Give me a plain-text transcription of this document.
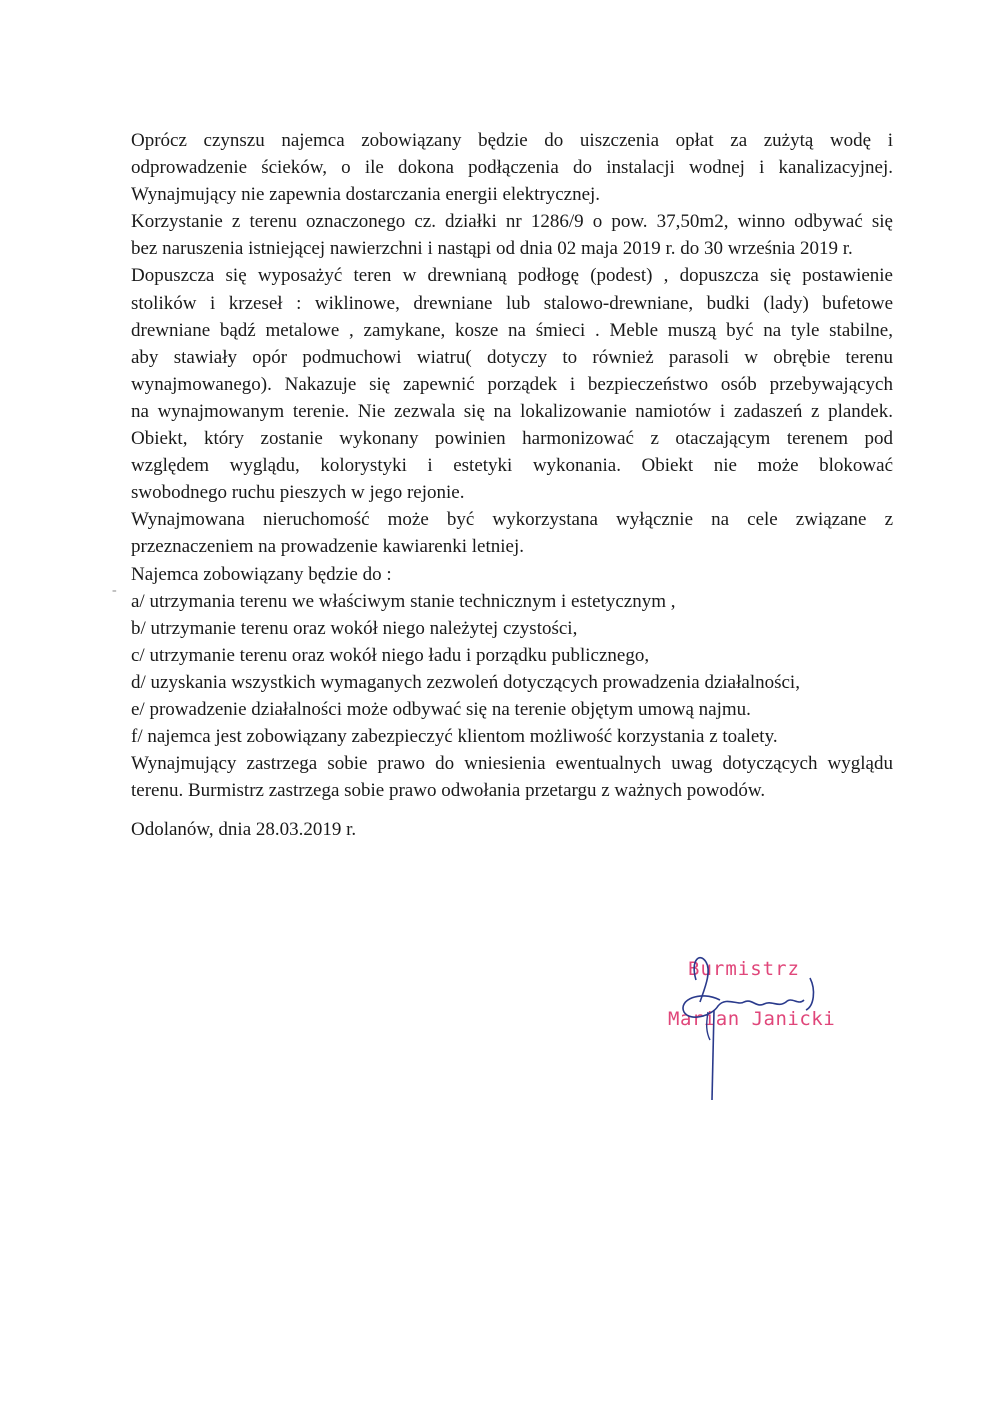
-
Oprócz czynszu najemca zobowiązany będzie do uiszczenia opłat za zużytą wodę i
odprowadzenie ścieków, o ile dokona podłączenia do instalacji wodnej i kanalizacyjnej.
Wynajmujący nie zapewnia dostarczania energii elektrycznej.
Korzystanie z terenu oznaczonego cz. działki nr 1286/9 o pow. 37,50m2, winno odbywać się
bez naruszenia istniejącej nawierzchni i nastąpi od dnia 02 maja 2019 r. do 30 września 2019 r.
Dopuszcza się wyposażyć teren w drewnianą podłogę (podest) , dopuszcza się postawienie
stolików i krzeseł : wiklinowe, drewniane lub stalowo-drewniane, budki (lady) bufetowe
drewniane bądź metalowe , zamykane, kosze na śmieci . Meble muszą być na tyle stabilne,
aby stawiały opór podmuchowi wiatru( dotyczy to również parasoli w obrębie terenu
wynajmowanego). Nakazuje się zapewnić porządek i bezpieczeństwo osób przebywających
na wynajmowanym terenie. Nie zezwala się na lokalizowanie namiotów i zadaszeń z plandek.
Obiekt, który zostanie wykonany powinien harmonizować z otaczającym terenem pod
względem wyglądu, kolorystyki i estetyki wykonania. Obiekt nie może blokować
swobodnego ruchu pieszych w jego rejonie.
Wynajmowana nieruchomość może być wykorzystana wyłącznie na cele związane z
przeznaczeniem na prowadzenie kawiarenki letniej.
Najemca zobowiązany będzie do :
a/ utrzymania terenu we właściwym stanie technicznym i estetycznym ,
b/ utrzymanie terenu oraz wokół niego należytej czystości,
c/ utrzymanie terenu oraz wokół niego ładu i porządku publicznego,
d/ uzyskania wszystkich wymaganych zezwoleń dotyczących prowadzenia działalności,
e/ prowadzenie działalności może odbywać się na terenie objętym umową najmu.
f/ najemca jest zobowiązany zabezpieczyć klientom możliwość korzystania z toalety.
Wynajmujący zastrzega sobie prawo do wniesienia ewentualnych uwag dotyczących wyglądu
terenu. Burmistrz zastrzega sobie prawo odwołania przetargu z ważnych powodów.
Odolanów, dnia 28.03.2019 r.
Burmistrz
Marian Janicki
